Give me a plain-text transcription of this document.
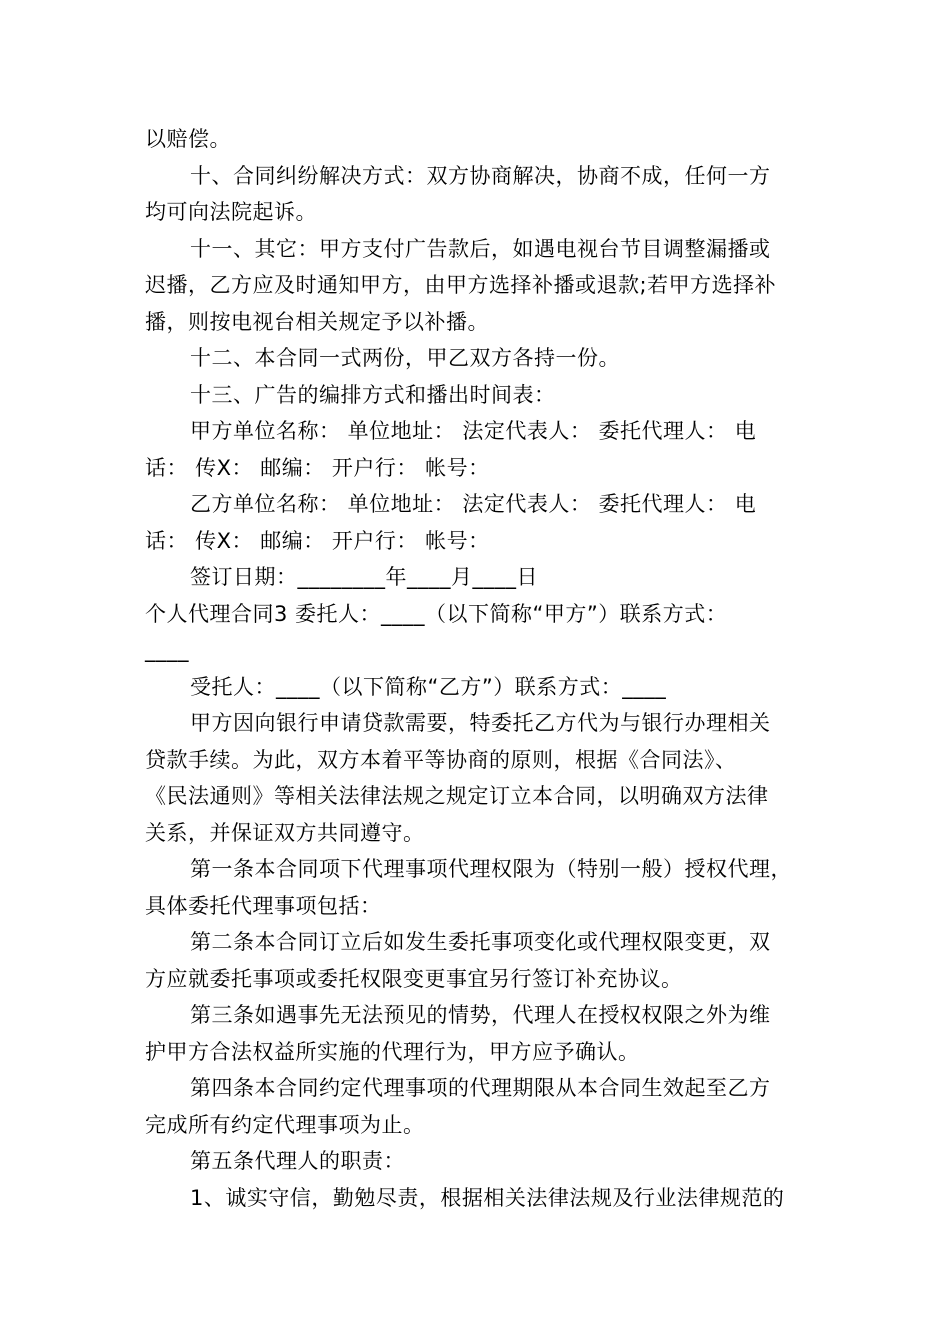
以赔偿。
十、合同纠纷解决方式：双方协商解决，协商不成，任何一方
均可向法院起诉。
十一、其它：甲方支付广告款后，如遇电视台节目调整漏播或
迟播，乙方应及时通知甲方，由甲方选择补播或退款;若甲方选择补
播，则按电视台相关规定予以补播。
十二、本合同一式两份，甲乙双方各持一份。
十三、广告的编排方式和播出时间表：
甲方单位名称： 单位地址： 法定代表人： 委托代理人： 电
话： 传X： 邮编： 开户行： 帐号：
乙方单位名称： 单位地址： 法定代表人： 委托代理人： 电
话： 传X： 邮编： 开户行： 帐号：
签订日期：________年____月____日
个人代理合同3 委托人：____（以下简称“甲方”）联系方式：
____
受托人：____（以下简称“乙方”）联系方式：____
甲方因向银行申请贷款需要，特委托乙方代为与银行办理相关
贷款手续。为此，双方本着平等协商的原则，根据《合同法》、
《民法通则》等相关法律法规之规定订立本合同，以明确双方法律
关系，并保证双方共同遵守。
第一条本合同项下代理事项代理权限为（特别一般）授权代理，
具体委托代理事项包括：
第二条本合同订立后如发生委托事项变化或代理权限变更，双
方应就委托事项或委托权限变更事宜另行签订补充协议。
第三条如遇事先无法预见的情势，代理人在授权权限之外为维
护甲方合法权益所实施的代理行为，甲方应予确认。
第四条本合同约定代理事项的代理期限从本合同生效起至乙方
完成所有约定代理事项为止。
第五条代理人的职责：
1、诚实守信，勤勉尽责，根据相关法律法规及行业法律规范的
